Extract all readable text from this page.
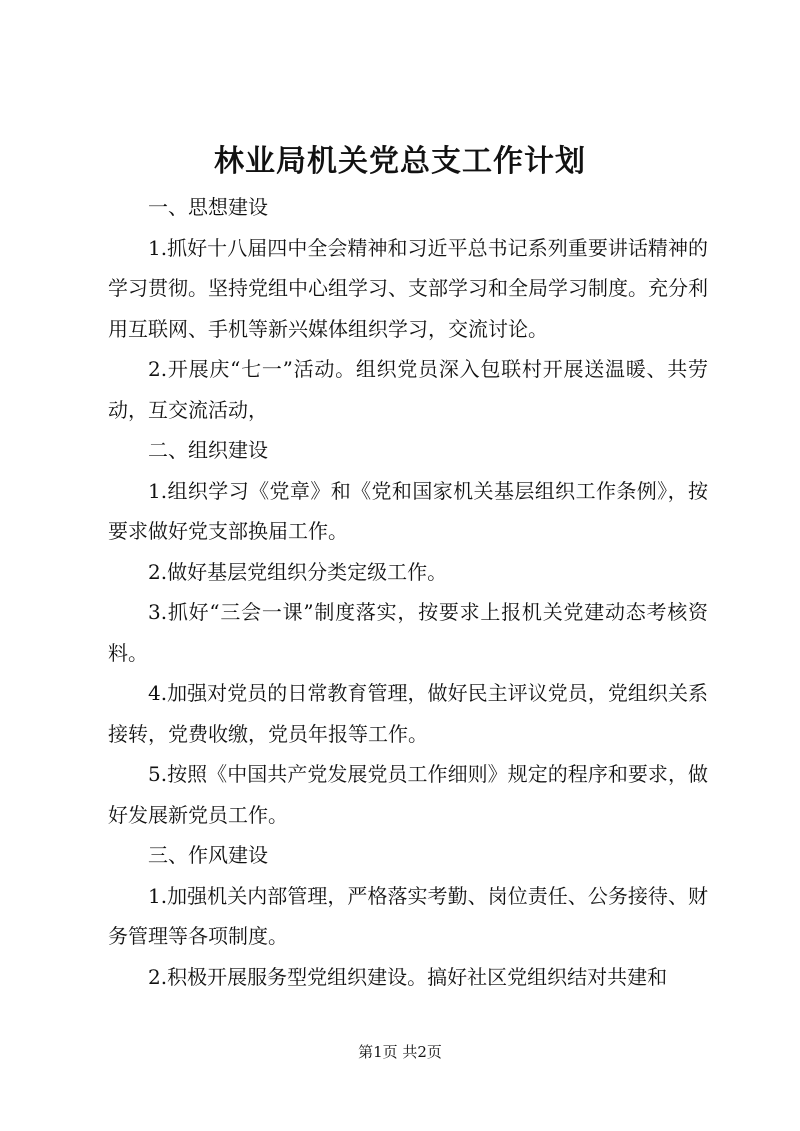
林业局机关党总支工作计划

一、思想建设

1.抓好十八届四中全会精神和习近平总书记系列重要讲话精神的学习贯彻。坚持党组中心组学习、支部学习和全局学习制度。充分利用互联网、手机等新兴媒体组织学习，交流讨论。

2.开展庆“七一”活动。组织党员深入包联村开展送温暖、共劳动，互交流活动，

二、组织建设

1.组织学习《党章》和《党和国家机关基层组织工作条例》，按要求做好党支部换届工作。

2.做好基层党组织分类定级工作。

3.抓好“三会一课”制度落实，按要求上报机关党建动态考核资料。

4.加强对党员的日常教育管理，做好民主评议党员，党组织关系接转，党费收缴，党员年报等工作。

5.按照《中国共产党发展党员工作细则》规定的程序和要求，做好发展新党员工作。

三、作风建设

1.加强机关内部管理，严格落实考勤、岗位责任、公务接待、财务管理等各项制度。

2.积极开展服务型党组织建设。搞好社区党组织结对共建和

第1页 共2页
